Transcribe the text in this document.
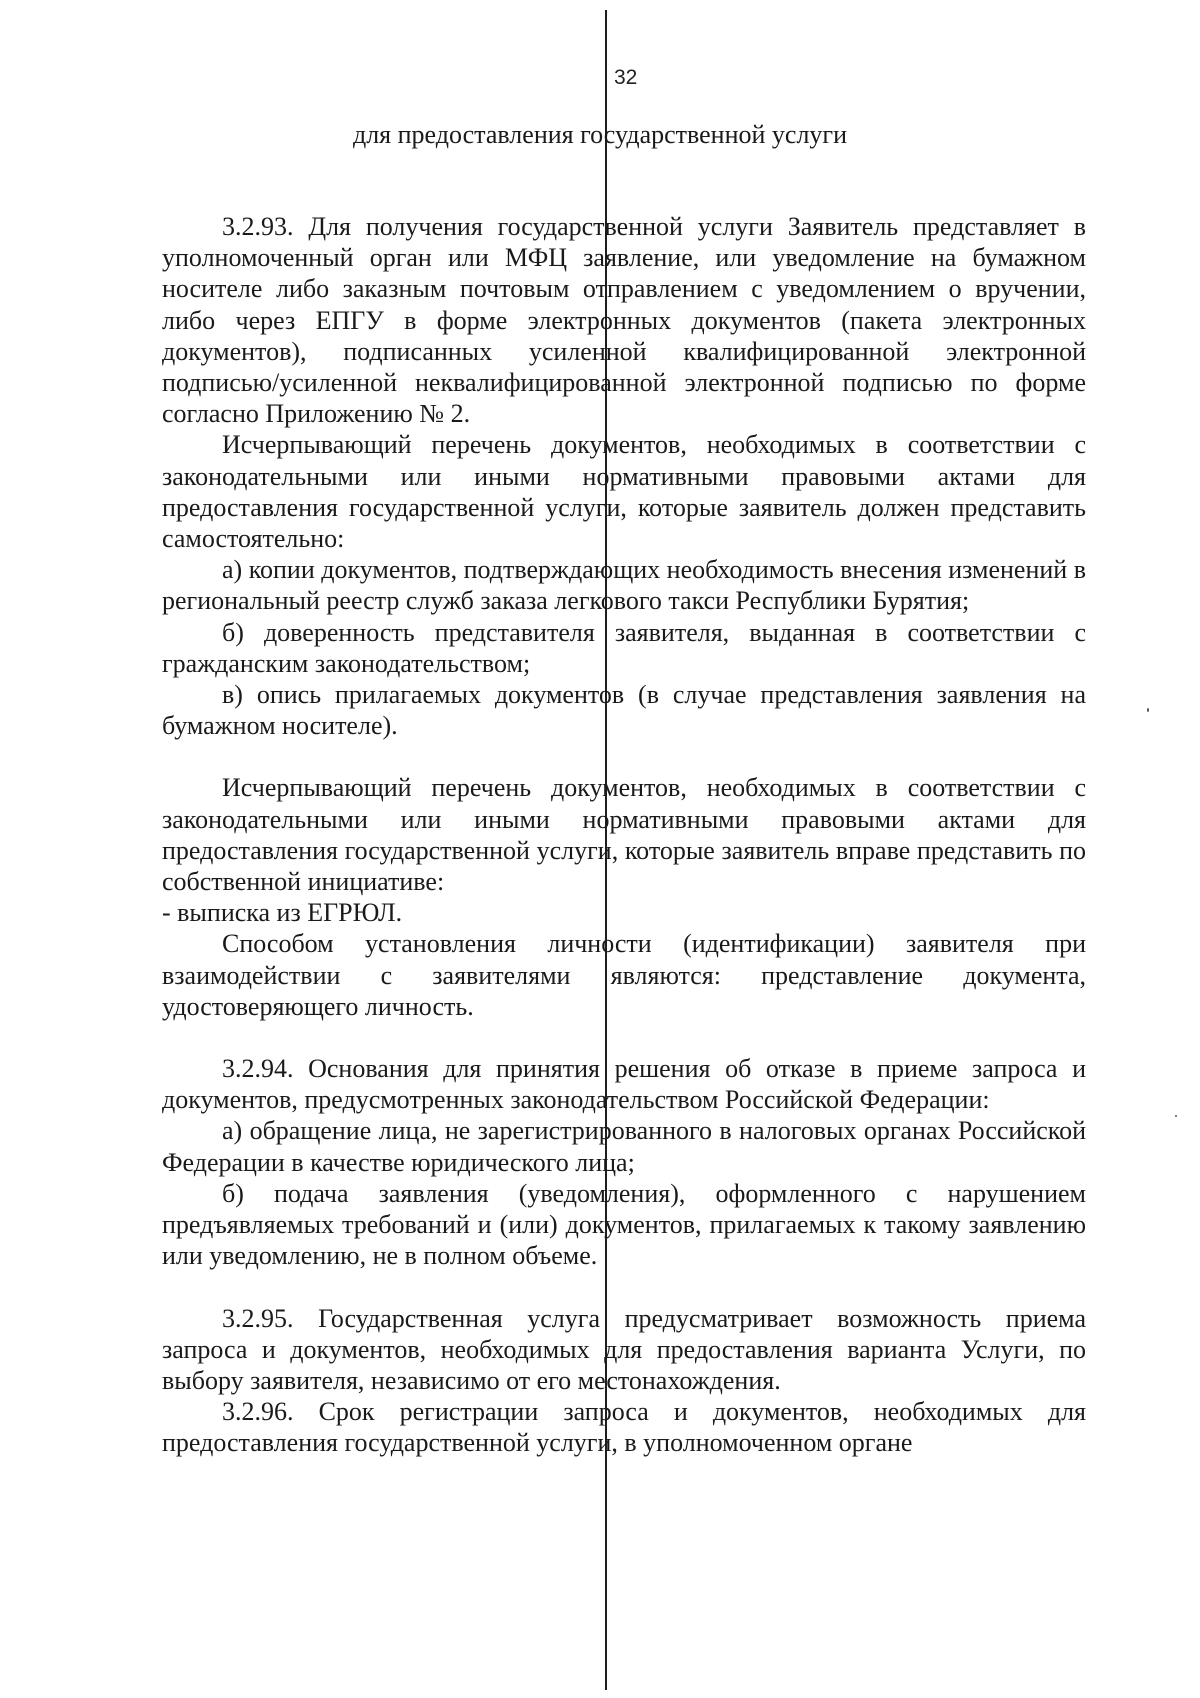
32
для предоставления государственной услуги

3.2.93. Для получения государственной услуги Заявитель представляет в уполномоченный орган или МФЦ заявление, или уведомление на бумажном носителе либо заказным почтовым отправлением с уведомлением о вручении, либо через ЕПГУ в форме электронных документов (пакета электронных документов), подписанных усиленной квалифицированной электронной подписью/усиленной неквалифицированной электронной подписью по форме согласно Приложению № 2.

Исчерпывающий перечень документов, необходимых в соответствии с законодательными или иными нормативными правовыми актами для предоставления государственной услуги, которые заявитель должен представить самостоятельно:

а) копии документов, подтверждающих необходимость внесения изменений в региональный реестр служб заказа легкового такси Республики Бурятия;

б) доверенность представителя заявителя, выданная в соответствии с гражданским законодательством;

в) опись прилагаемых документов (в случае представления заявления на бумажном носителе).

Исчерпывающий перечень документов, необходимых в соответствии с законодательными или иными нормативными правовыми актами для предоставления государственной услуги, которые заявитель вправе представить по собственной инициативе:

- выписка из ЕГРЮЛ.

Способом установления личности (идентификации) заявителя при взаимодействии с заявителями являются: представление документа, удостоверяющего личность.

3.2.94. Основания для принятия решения об отказе в приеме запроса и документов, предусмотренных законодательством Российской Федерации:

а) обращение лица, не зарегистрированного в налоговых органах Российской Федерации в качестве юридического лица;

б) подача заявления (уведомления), оформленного с нарушением предъявляемых требований и (или) документов, прилагаемых к такому заявлению или уведомлению, не в полном объеме.

3.2.95. Государственная услуга предусматривает возможность приема запроса и документов, необходимых для предоставления варианта Услуги, по выбору заявителя, независимо от его местонахождения.

3.2.96. Срок регистрации запроса и документов, необходимых для предоставления государственной услуги, в уполномоченном органе
